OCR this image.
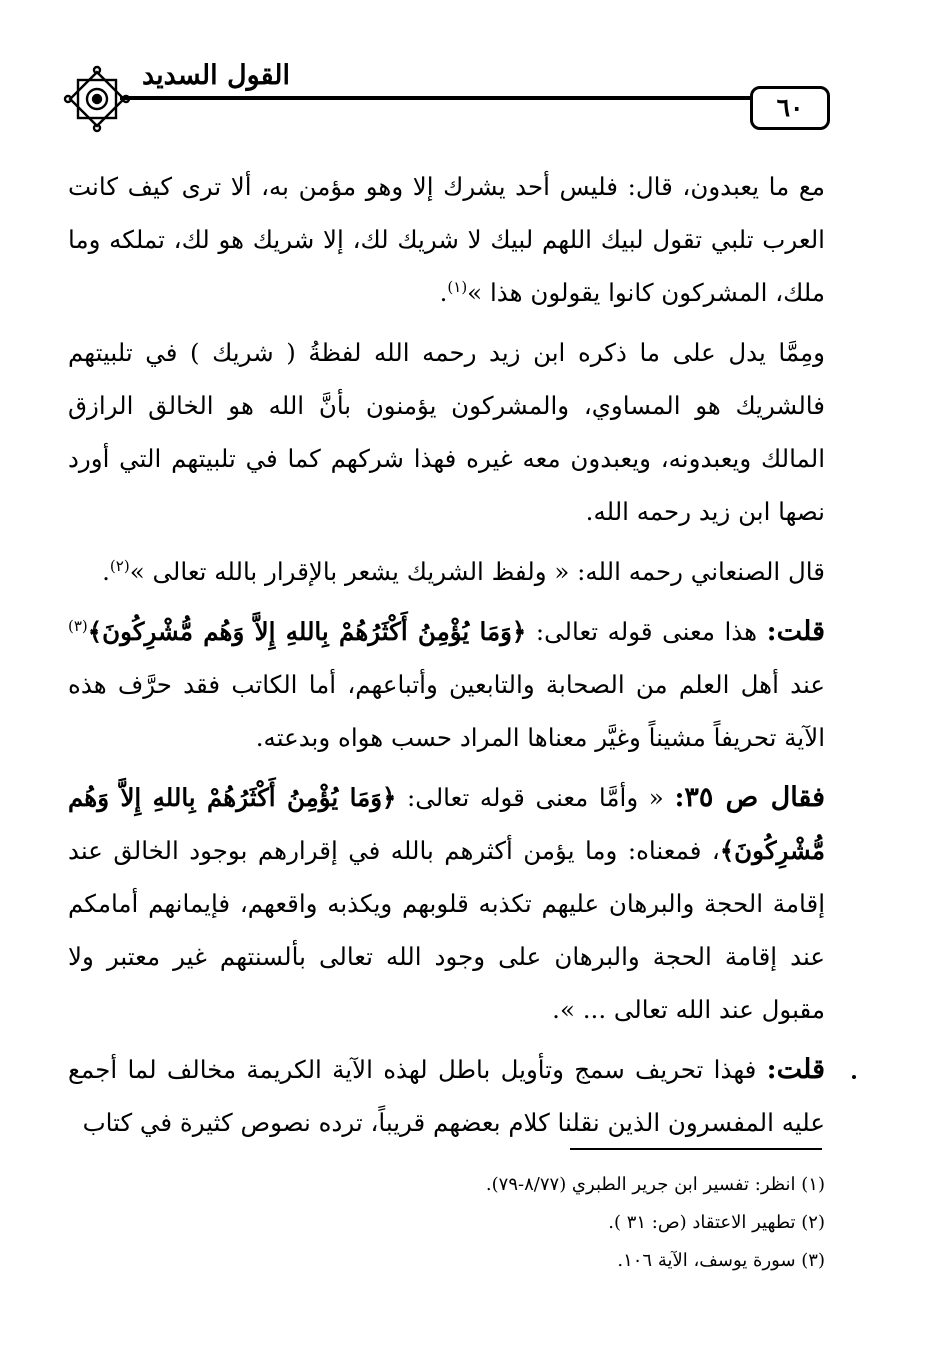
القول السديد
٦٠

مع ما يعبدون، قال: فليس أحد يشرك إلا وهو مؤمن به، ألا ترى كيف كانت العرب تلبي تقول لبيك اللهم لبيك لا شريك لك، إلا شريك هو لك، تملكه وما ملك، المشركون كانوا يقولون هذا »$^{(١)}$.

ومِمَّا يدل على ما ذكره ابن زيد رحمه الله لفظةُ ( شريك ) في تلبيتهم فالشريك هو المساوي، والمشركون يؤمنون بأنَّ الله هو الخالق الرازق المالك ويعبدونه، ويعبدون معه غيره فهذا شركهم كما في تلبيتهم التي أورد نصها ابن زيد رحمه الله.

قال الصنعاني رحمه الله: « ولفظ الشريك يشعر بالإقرار بالله تعالى »$^{(٢)}$.

قلت: هذا معنى قوله تعالى: ﴿وَمَا يُؤْمِنُ أَكْثَرُهُمْ بِاللهِ إِلاَّ وَهُم مُّشْرِكُونَ﴾$^{(٣)}$ عند أهل العلم من الصحابة والتابعين وأتباعهم، أما الكاتب فقد حرَّف هذه الآية تحريفاً مشيناً وغيَّر معناها المراد حسب هواه وبدعته.

فقال ص ٣٥: « وأمَّا معنى قوله تعالى: ﴿وَمَا يُؤْمِنُ أَكْثَرُهُمْ بِاللهِ إِلاَّ وَهُم مُّشْرِكُونَ﴾، فمعناه: وما يؤمن أكثرهم بالله في إقرارهم بوجود الخالق عند إقامة الحجة والبرهان عليهم تكذبه قلوبهم ويكذبه واقعهم، فإيمانهم أمامكم عند إقامة الحجة والبرهان على وجود الله تعالى بألسنتهم غير معتبر ولا مقبول عند الله تعالى ... ».

قلت: فهذا تحريف سمج وتأويل باطل لهذه الآية الكريمة مخالف لما أجمع عليه المفسرون الذين نقلنا كلام بعضهم قريباً، ترده نصوص كثيرة في كتاب

(١) انظر: تفسير ابن جرير الطبري (٨/٧٧-٧٩).

(٢) تطهير الاعتقاد (ص: ٣١ ).

(٣) سورة يوسف، الآية ١٠٦.
